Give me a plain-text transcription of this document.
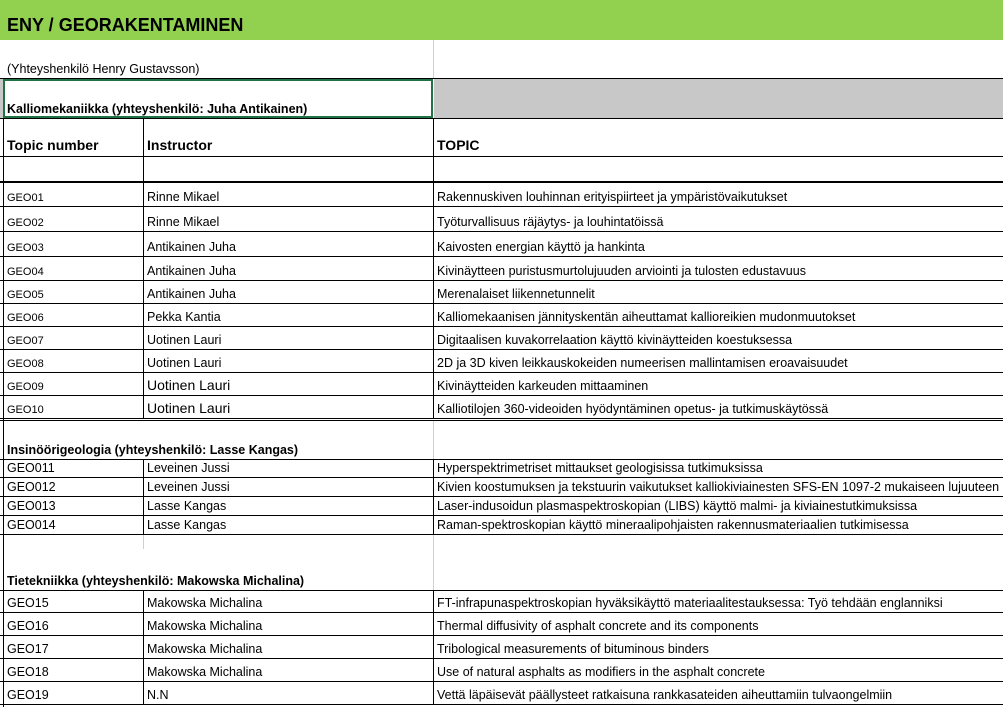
ENY / GEORAKENTAMINEN
(Yhteyshenkilö Henry Gustavsson)
Kalliomekaniikka (yhteyshenkilö: Juha Antikainen)
Topic number	Instructor	TOPIC
GEO01	Rinne Mikael	Rakennuskiven louhinnan erityispiirteet ja ympäristövaikutukset
GEO02	Rinne Mikael	Työturvallisuus räjäytys- ja louhintatöissä
GEO03	Antikainen Juha	Kaivosten energian käyttö ja hankinta
GEO04	Antikainen Juha	Kivinäytteen puristusmurtolujuuden arviointi ja tulosten edustavuus
GEO05	Antikainen Juha	Merenalaiset liikennetunnelit
GEO06	Pekka Kantia	Kalliomekaanisen jännityskentän aiheuttamat kallioreikien mudonmuutokset
GEO07	Uotinen Lauri	Digitaalisen kuvakorrelaation käyttö kivinäytteiden koestuksessa
GEO08	Uotinen Lauri	2D ja 3D kiven leikkauskokeiden numeerisen mallintamisen eroavaisuudet
GEO09	Uotinen Lauri	Kivinäytteiden karkeuden mittaaminen
GEO10	Uotinen Lauri	Kalliotilojen 360-videoiden hyödyntäminen opetus- ja tutkimuskäytössä
GEO011	Leveinen Jussi	Hyperspektrimetriset mittaukset geologisissa tutkimuksissa
GEO012	Leveinen Jussi	Kivien koostumuksen ja tekstuurin vaikutukset kalliokiviainesten SFS-EN 1097-2 mukaiseen lujuuteen
GEO013	Lasse Kangas	Laser-indusoidun plasmaspektroskopian (LIBS) käyttö malmi- ja kiviainestutkimuksissa
GEO014	Lasse Kangas	Raman-spektroskopian käyttö mineraalipohjaisten rakennusmateriaalien tutkimisessa
GEO15	Makowska Michalina	FT-infrapunaspektroskopian hyväksikäyttö materiaalitestauksessa: Työ tehdään englanniksi
GEO16	Makowska Michalina	Thermal diffusivity of asphalt concrete and its components
GEO17	Makowska Michalina	Tribological measurements of bituminous binders
GEO18	Makowska Michalina	Use of natural asphalts as modifiers in the asphalt concrete
GEO19	N.N	Vettä läpäisevät päällysteet ratkaisuna rankkasateiden aiheuttamiin tulvaongelmiin
Insinöörigeologia (yhteyshenkilö: Lasse Kangas)
Tietekniikka (yhteyshenkilö: Makowska Michalina)
